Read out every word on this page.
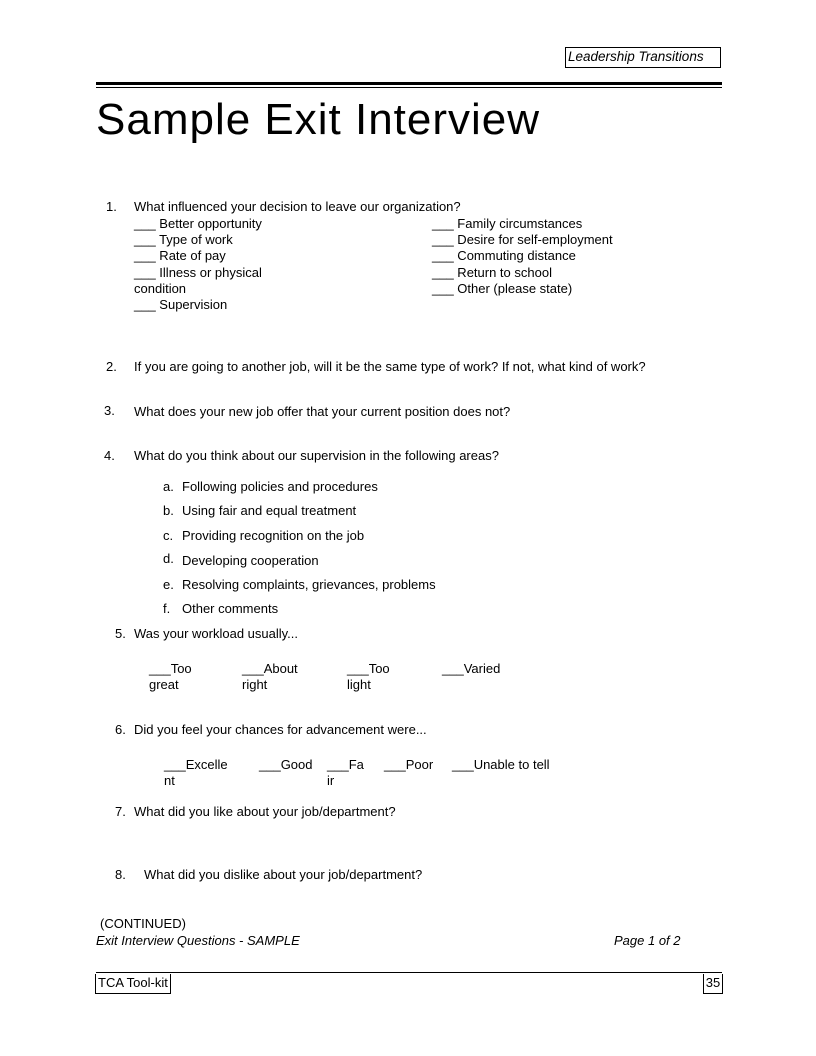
Leadership Transitions
Sample Exit Interview
1. What influenced your decision to leave our organization?
___ Better opportunity
___ Type of work
___ Rate of pay
___ Illness or physical
condition
___ Supervision
___ Family circumstances
___ Desire for self-employment
___ Commuting distance
___ Return to school
___ Other (please state)
2. If you are going to another job, will it be the same type of work? If not, what kind of work?
3. What does your new job offer that your current position does not?
4. What do you think about our supervision in the following areas?
a. Following policies and procedures
b. Using fair and equal treatment
c. Providing recognition on the job
d. Developing cooperation
e. Resolving complaints, grievances, problems
f. Other comments
5. Was your workload usually...
___Too
great
___About
right
___Too
light
___Varied
6. Did you feel your chances for advancement were...
___Excelle
nt
___Good ___Fa
ir
___Poor ___Unable to tell
7. What did you like about your job/department?
8. What did you dislike about your job/department?
(CONTINUED)
Exit Interview Questions - SAMPLE	Page 1 of 2
TCA Tool-kit	35
